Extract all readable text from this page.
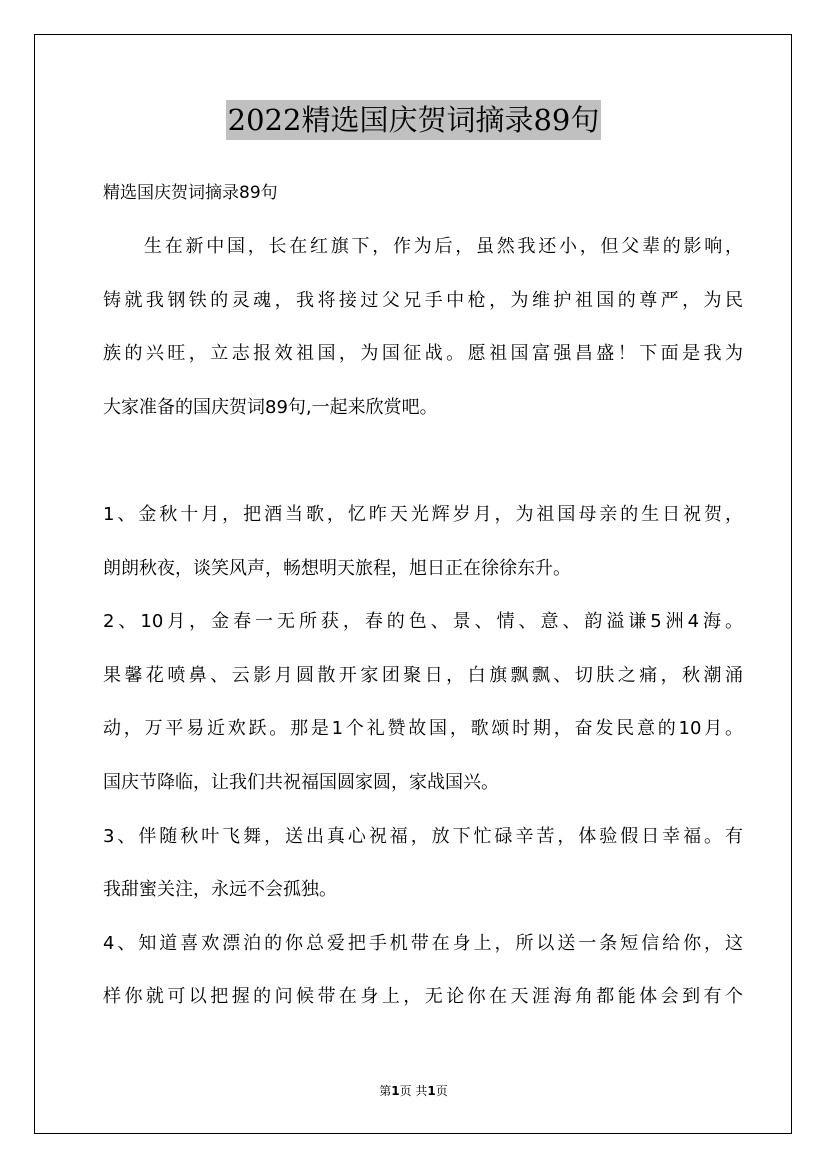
2022精选国庆贺词摘录89句
精选国庆贺词摘录89句
生在新中国，长在红旗下，作为后，虽然我还小，但父辈的影响，
铸就我钢铁的灵魂，我将接过父兄手中枪，为维护祖国的尊严，为民
族的兴旺，立志报效祖国，为国征战。愿祖国富强昌盛！下面是我为
大家准备的国庆贺词89句,一起来欣赏吧。
1、金秋十月，把酒当歌，忆昨天光辉岁月，为祖国母亲的生日祝贺，
朗朗秋夜，谈笑风声，畅想明天旅程，旭日正在徐徐东升。
2、10月，金春一无所获，春的色、景、情、意、韵溢谦5洲4海。
果馨花喷鼻、云影月圆散开家团聚日，白旗飘飘、切肤之痛，秋潮涌
动，万平易近欢跃。那是1个礼赞故国，歌颂时期，奋发民意的10月。
国庆节降临，让我们共祝福国圆家圆，家战国兴。
3、伴随秋叶飞舞，送出真心祝福，放下忙碌辛苦，体验假日幸福。有
我甜蜜关注，永远不会孤独。
4、知道喜欢漂泊的你总爱把手机带在身上，所以送一条短信给你，这
样你就可以把握的问候带在身上，无论你在天涯海角都能体会到有个
第1页 共1页
